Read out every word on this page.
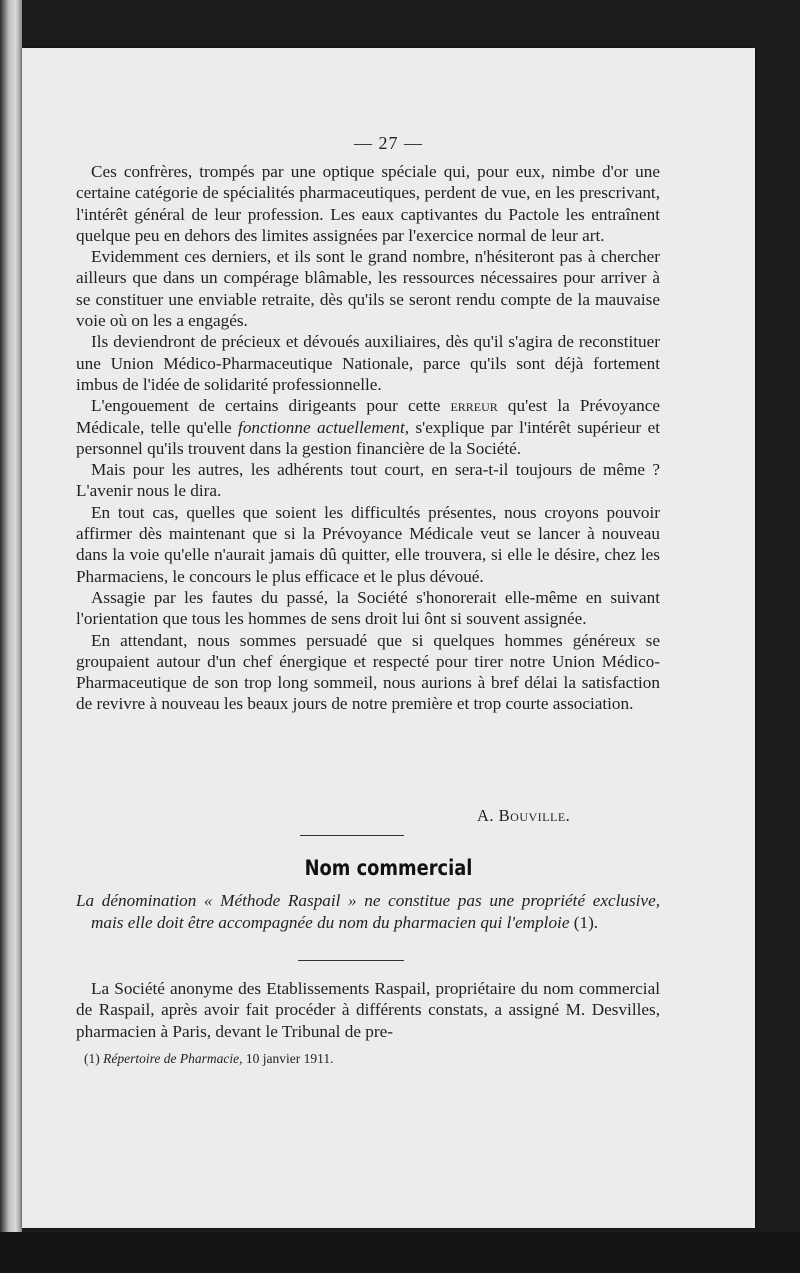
— 27 —

Ces confrères, trompés par une optique spéciale qui, pour eux, nimbe d'or une certaine catégorie de spécialités pharmaceutiques, perdent de vue, en les prescrivant, l'intérêt général de leur profession. Les eaux captivantes du Pactole les entraînent quelque peu en dehors des limites assignées par l'exercice normal de leur art.

Evidemment ces derniers, et ils sont le grand nombre, n'hésiteront pas à chercher ailleurs que dans un compérage blâmable, les ressources nécessaires pour arriver à se constituer une enviable retraite, dès qu'ils se seront rendu compte de la mauvaise voie où on les a engagés.

Ils deviendront de précieux et dévoués auxiliaires, dès qu'il s'agira de reconstituer une Union Médico-Pharmaceutique Nationale, parce qu'ils sont déjà fortement imbus de l'idée de solidarité professionnelle.

L'engouement de certains dirigeants pour cette erreur qu'est la Prévoyance Médicale, telle qu'elle fonctionne actuellement, s'explique par l'intérêt supérieur et personnel qu'ils trouvent dans la gestion financière de la Société.

Mais pour les autres, les adhérents tout court, en sera-t-il toujours de même ? L'avenir nous le dira.

En tout cas, quelles que soient les difficultés présentes, nous croyons pouvoir affirmer dès maintenant que si la Prévoyance Médicale veut se lancer à nouveau dans la voie qu'elle n'aurait jamais dû quitter, elle trouvera, si elle le désire, chez les Pharmaciens, le concours le plus efficace et le plus dévoué.

Assagie par les fautes du passé, la Société s'honorerait elle-même en suivant l'orientation que tous les hommes de sens droit lui ônt si souvent assignée.

En attendant, nous sommes persuadé que si quelques hommes généreux se groupaient autour d'un chef énergique et respecté pour tirer notre Union Médico-Pharmaceutique de son trop long sommeil, nous aurions à bref délai la satisfaction de revivre à nouveau les beaux jours de notre première et trop courte association.

A. Bouville.
Nom commercial

La dénomination « Méthode Raspail » ne constitue pas une propriété exclusive, mais elle doit être accompagnée du nom du pharmacien qui l'emploie (1).

La Société anonyme des Etablissements Raspail, propriétaire du nom commercial de Raspail, après avoir fait procéder à différents constats, a assigné M. Desvilles, pharmacien à Paris, devant le Tribunal de pre-

(1) Répertoire de Pharmacie, 10 janvier 1911.
